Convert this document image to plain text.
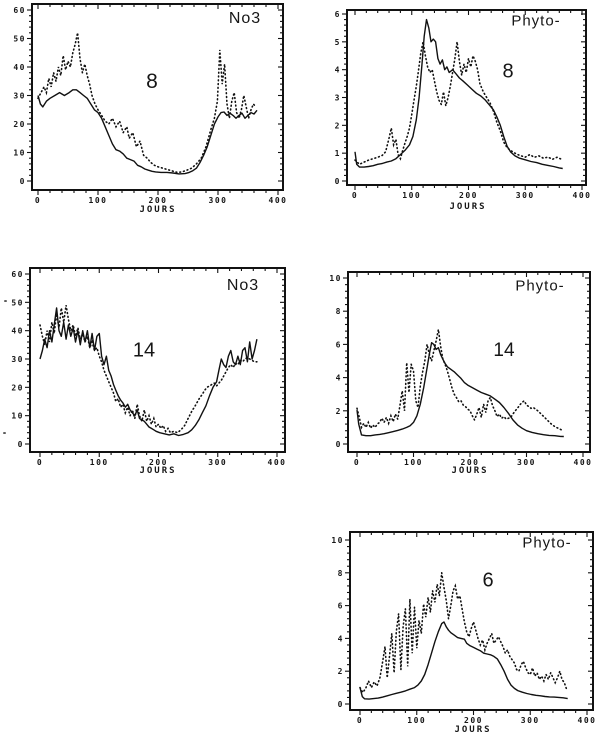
0	100	200	300	400
0
10
20
30
40
50
60
0	100	200	300	400
0
1
2
3
4
5
6
0	100	200	300	400
0
10
20
30
40
50
60
0	100	200	300	400
0
2
4
6
8
10
0	100	200	300	400
0
2
4
6
8
10
No3
8
JOURS
Phyto-
8
JOURS
No3
14
JOURS
Phyto-
14
JOURS
Phyto-
6
JOURS
